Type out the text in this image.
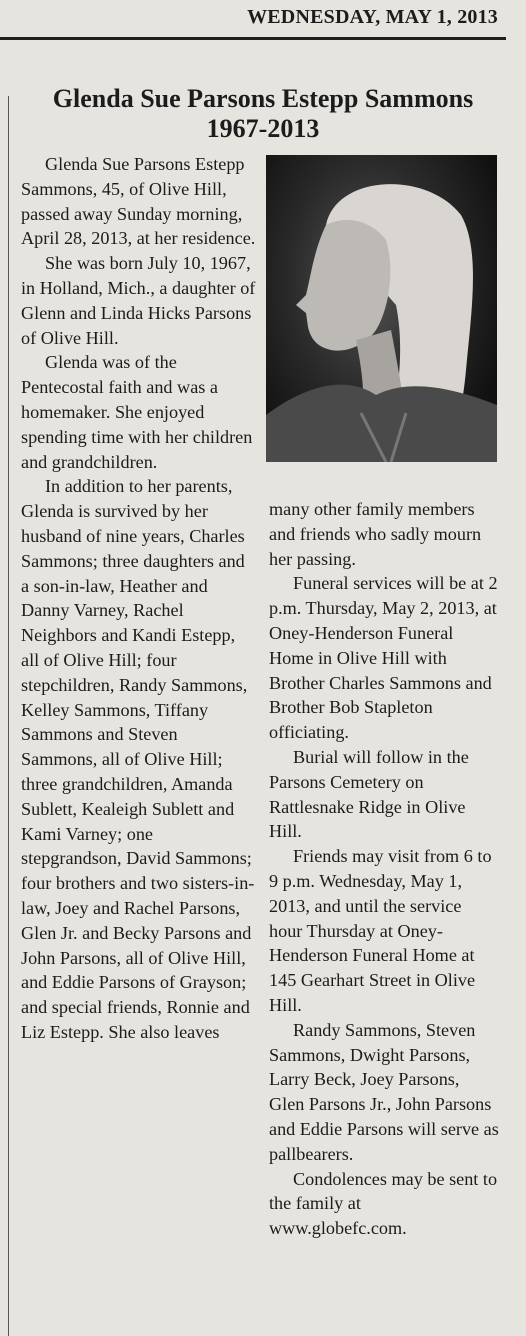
WEDNESDAY, MAY 1, 2013
Glenda Sue Parsons Estepp Sammons
1967-2013

Glenda Sue Parsons Estepp Sammons, 45, of Olive Hill, passed away Sunday morning, April 28, 2013, at her residence.

She was born July 10, 1967, in Holland, Mich., a daughter of Glenn and Linda Hicks Parsons of Olive Hill.

Glenda was of the Pentecostal faith and was a homemaker. She enjoyed spending time with her children and grandchildren.

In addition to her parents, Glenda is survived by her husband of nine years, Charles Sammons; three daughters and a son-in-law, Heather and Danny Varney, Rachel Neighbors and Kandi Estepp, all of Olive Hill; four stepchildren, Randy Sammons, Kelley Sammons, Tiffany Sammons and Steven Sammons, all of Olive Hill; three grandchildren, Amanda Sublett, Kealeigh Sublett and Kami Varney; one stepgrandson, David Sammons; four brothers and two sisters-in-law, Joey and Rachel Parsons, Glen Jr. and Becky Parsons and John Parsons, all of Olive Hill, and Eddie Parsons of Grayson; and special friends, Ronnie and Liz Estepp. She also leaves

many other family members and friends who sadly mourn her passing.

Funeral services will be at 2 p.m. Thursday, May 2, 2013, at Oney-Henderson Funeral Home in Olive Hill with Brother Charles Sammons and Brother Bob Stapleton officiating.

Burial will follow in the Parsons Cemetery on Rattlesnake Ridge in Olive Hill.

Friends may visit from 6 to 9 p.m. Wednesday, May 1, 2013, and until the service hour Thursday at Oney-Henderson Funeral Home at 145 Gearhart Street in Olive Hill.

Randy Sammons, Steven Sammons, Dwight Parsons, Larry Beck, Joey Parsons, Glen Parsons Jr., John Parsons and Eddie Parsons will serve as pallbearers.

Condolences may be sent to the family at www.globefc.com.
